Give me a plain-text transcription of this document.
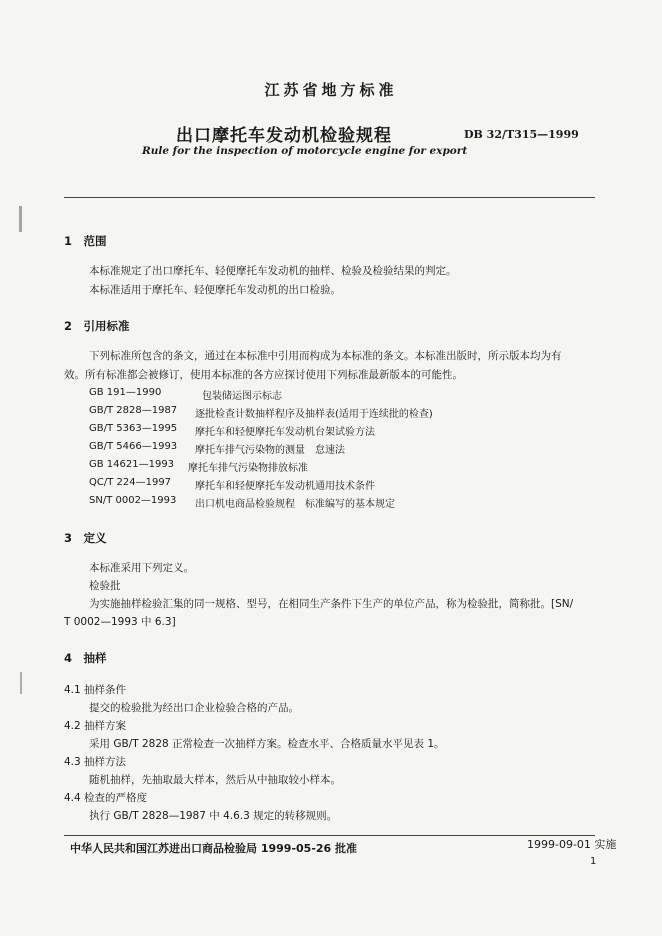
江苏省地方标准
出口摩托车发动机检验规程	DB 32/T315—1999
Rule for the inspection of motorcycle engine for export
1　范围
本标准规定了出口摩托车、轻便摩托车发动机的抽样、检验及检验结果的判定。
本标准适用于摩托车、轻便摩托车发动机的出口检验。
2　引用标准
下列标准所包含的条文，通过在本标准中引用而构成为本标准的条文。本标准出版时，所示版本均为有
效。所有标准都会被修订，使用本标准的各方应探讨使用下列标准最新版本的可能性。
GB 191—1990	包装储运图示标志
GB/T 2828—1987 逐批检查计数抽样程序及抽样表(适用于连续批的检查)
GB/T 5363—1995 摩托车和轻便摩托车发动机台架试验方法
GB/T 5466—1993 摩托车排气污染物的测量　怠速法
GB 14621—1993 摩托车排气污染物排放标准
QC/T 224—1997 摩托车和轻便摩托车发动机通用技术条件
SN/T 0002—1993 出口机电商品检验规程　标准编写的基本规定
3　定义
本标准采用下列定义。
检验批
为实施抽样检验汇集的同一规格、型号，在相同生产条件下生产的单位产品，称为检验批，简称批。[SN/
T 0002—1993 中 6.3]
4　抽样
4.1 抽样条件
提交的检验批为经出口企业检验合格的产品。
4.2 抽样方案
采用 GB/T 2828 正常检查一次抽样方案。检查水平、合格质量水平见表 1。
4.3 抽样方法
随机抽样，先抽取最大样本，然后从中抽取较小样本。
4.4 检查的严格度
执行 GB/T 2828—1987 中 4.6.3 规定的转移规则。
中华人民共和国江苏进出口商品检验局 1999-05-26 批准	1999-09-01 实施
1
